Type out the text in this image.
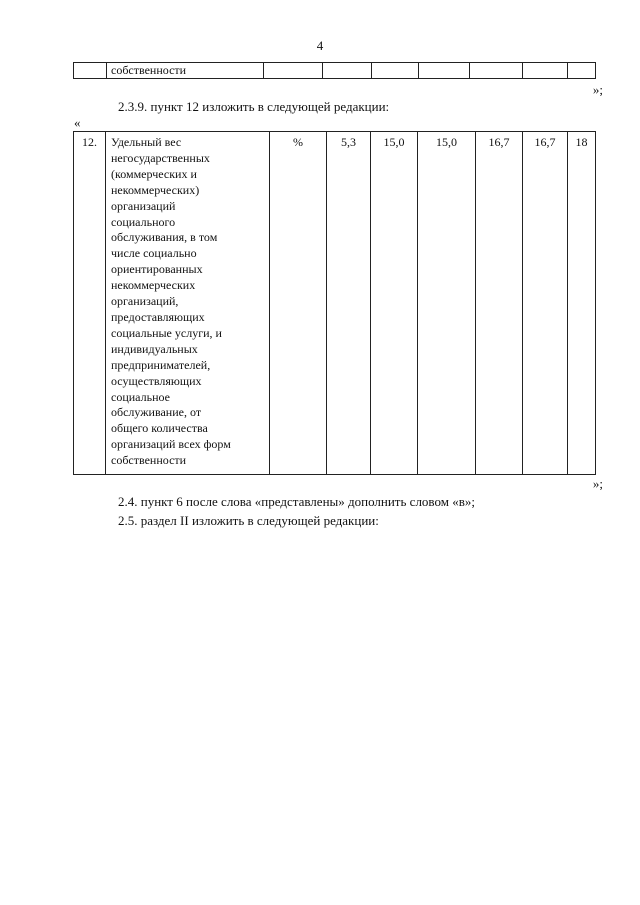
4
	собственности							
»;
2.3.9. пункт 12 изложить в следующей редакции:
«
12.	Удельный вес
негосударственных
(коммерческих и
некоммерческих)
организаций
социального
обслуживания, в том
числе социально
ориентированных
некоммерческих
организаций,
предоставляющих
социальные услуги, и
индивидуальных
предпринимателей,
осуществляющих
социальное
обслуживание, от
общего количества
организаций всех форм
собственности	%	5,3	15,0	15,0	16,7	16,7	18
»;
2.4. пункт 6 после слова «представлены» дополнить словом «в»;
2.5. раздел II изложить в следующей редакции:
